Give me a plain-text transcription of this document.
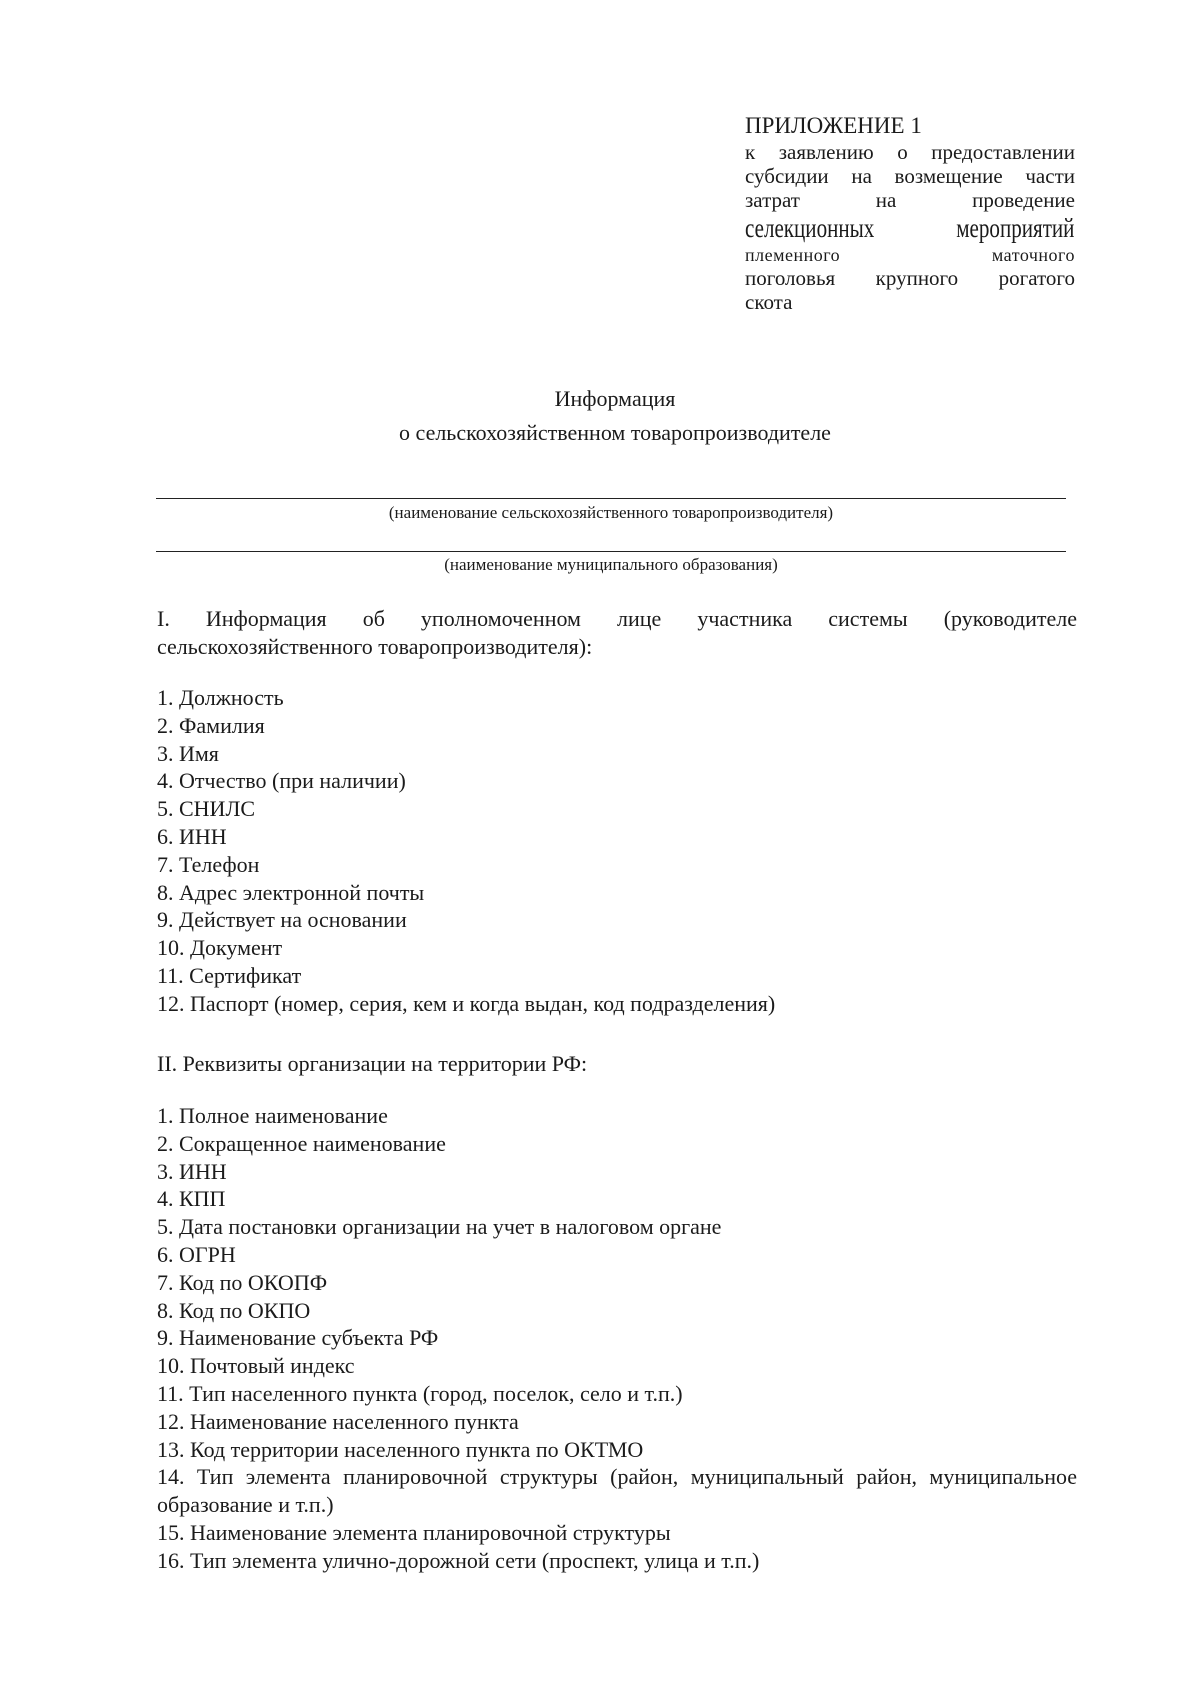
ПРИЛОЖЕНИЕ 1

к заявлению о предоставлении

субсидии на возмещение части

затрат на проведение

селекционных мероприятий

племенного маточного

поголовья крупного рогатого

скота

Информация
о сельскохозяйственном товаропроизводителе
(наименование сельскохозяйственного товаропроизводителя)
(наименование муниципального образования)

I. Информация об уполномоченном лице участника системы (руководителе сельскохозяйственного товаропроизводителя):

1. Должность
2. Фамилия
3. Имя
4. Отчество (при наличии)
5. СНИЛС
6. ИНН
7. Телефон
8. Адрес электронной почты
9. Действует на основании
10. Документ
11. Сертификат
12. Паспорт (номер, серия, кем и когда выдан, код подразделения)

II. Реквизиты организации на территории РФ:

1. Полное наименование
2. Сокращенное наименование
3. ИНН
4. КПП
5. Дата постановки организации на учет в налоговом органе
6. ОГРН
7. Код по ОКОПФ
8. Код по ОКПО
9. Наименование субъекта РФ
10. Почтовый индекс
11. Тип населенного пункта (город, поселок, село и т.п.)
12. Наименование населенного пункта
13. Код территории населенного пункта по ОКТМО
14. Тип элемента планировочной структуры (район, муниципальный район, муниципальное образование и т.п.)
15. Наименование элемента планировочной структуры
16. Тип элемента улично-дорожной сети (проспект, улица и т.п.)
